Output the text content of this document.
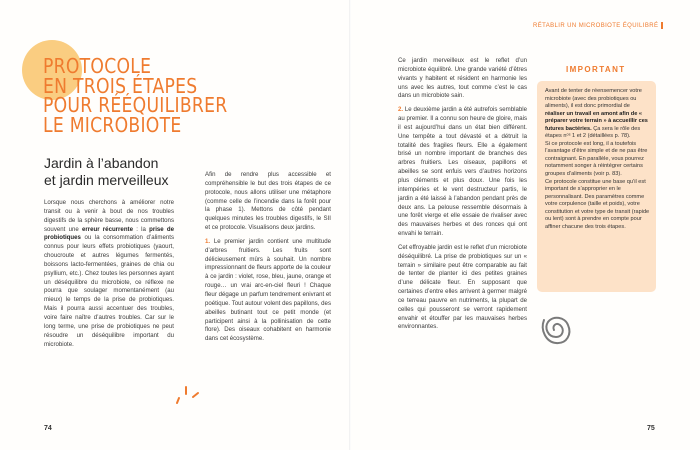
PROTOCOLE
EN TROIS ÉTAPES
POUR RÉÉQUILIBRER
LE MICROBIOTE
Jardin à l’abandon
et jardin merveilleux

Lorsque nous cherchons à améliorer notre transit ou à venir à bout de nos troubles digestifs de la sphère basse, nous commettons souvent une erreur récurrente : la prise de probiotiques ou la consommation d’aliments connus pour leurs effets probiotiques (yaourt, choucroute et autres légumes fermentés, boissons lacto-fermentées, graines de chia ou psyllium, etc.). Chez toutes les personnes ayant un déséquilibre du microbiote, ce réflexe ne pourra que soulager momentanément (au mieux) le temps de la prise de probiotiques. Mais il pourra aussi accentuer des troubles, voire faire naître d’autres troubles. Car sur le long terme, une prise de probiotiques ne peut résoudre un déséquilibre important du microbiote.

Afin de rendre plus accessible et compréhensible le but des trois étapes de ce protocole, nous allons utiliser une métaphore (comme celle de l’incendie dans la forêt pour la phase 1). Mettons de côté pendant quelques minutes les troubles digestifs, le SII et ce protocole. Visualisons deux jardins.

1. Le premier jardin contient une multitude d’arbres fruitiers. Les fruits sont délicieusement mûrs à souhait. Un nombre impressionnant de fleurs apporte de la couleur à ce jardin : violet, rose, bleu, jaune, orange et rouge… un vrai arc-en-ciel fleuri ! Chaque fleur dégage un parfum tendrement enivrant et poétique. Tout autour volent des papillons, des abeilles butinant tout ce petit monde (et participent ainsi à la pollinisation de cette flore). Des oiseaux cohabitent en harmonie dans cet écosystème.

74
RÉTABLIR UN MICROBIOTE ÉQUILIBRÉ

Ce jardin merveilleux est le reflet d’un microbiote équilibré. Une grande variété d’êtres vivants y habitent et résident en harmonie les uns avec les autres, tout comme c’est le cas dans un microbiote sain.

2. Le deuxième jardin a été autrefois semblable au premier. Il a connu son heure de gloire, mais il est aujourd’hui dans un état bien différent. Une tempête a tout dévasté et a détruit la totalité des fragiles fleurs. Elle a également brisé un nombre important de branches des arbres fruitiers. Les oiseaux, papillons et abeilles se sont enfuis vers d’autres horizons plus cléments et plus doux. Une fois les intempéries et le vent destructeur partis, le jardin a été laissé à l’abandon pendant près de deux ans. La pelouse ressemble désormais à une forêt vierge et elle essaie de rivaliser avec des mauvaises herbes et des ronces qui ont envahi le terrain.

Cet effroyable jardin est le reflet d’un microbiote déséquilibré. La prise de probiotiques sur un « terrain » similaire peut être comparable au fait de tenter de planter ici des petites graines d’une délicate fleur. En supposant que certaines d’entre elles arrivent à germer malgré ce terreau pauvre en nutriments, la plupart de celles qui pousseront se verront rapidement envahir et étouffer par les mauvaises herbes environnantes.

IMPORTANT

Avant de tenter de réensemencer votre microbiote (avec des probiotiques ou aliments), il est donc primordial de réaliser un travail en amont afin de « préparer votre terrain » à accueillir ces futures bactéries. Ça sera le rôle des étapes nᵒˢ 1 et 2 (détaillées p. 78).

Si ce protocole est long, il a toutefois l’avantage d’être simple et de ne pas être contraignant. En parallèle, vous pourrez notamment songer à réintégrer certains groupes d’aliments (voir p. 83).

Ce protocole constitue une base qu’il est important de s’approprier en le personnalisant. Des paramètres comme votre corpulence (taille et poids), votre constitution et votre type de transit (rapide ou lent) sont à prendre en compte pour affiner chacune des trois étapes.

75
